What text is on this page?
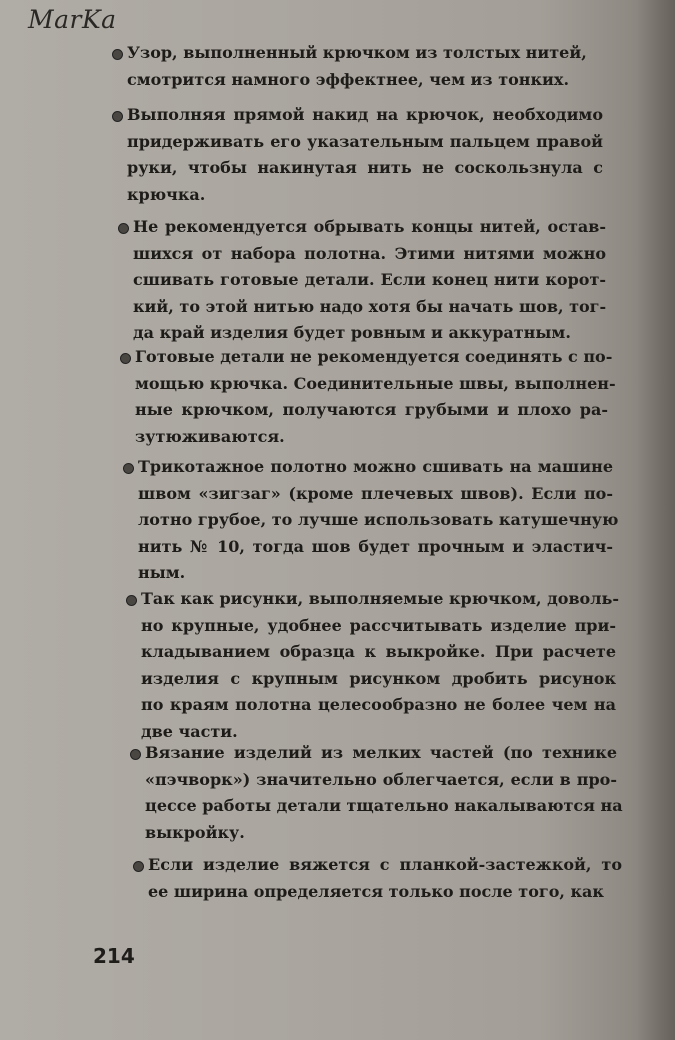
MarKa
Узор, выполненный крючком из толстых нитей,
смотрится намного эффектнее, чем из тонких.
Выполняя прямой накид на крючок, необходимо
придерживать его указательным пальцем правой
руки, чтобы накинутая нить не соскользнула с
крючка.
Не рекомендуется обрывать концы нитей, остав-
шихся от набора полотна. Этими нитями можно
сшивать готовые детали. Если конец нити корот-
кий, то этой нитью надо хотя бы начать шов, тог-
да край изделия будет ровным и аккуратным.
Готовые детали не рекомендуется соединять с по-
мощью крючка. Соединительные швы, выполнен-
ные крючком, получаются грубыми и плохо ра-
зутюживаются.
Трикотажное полотно можно сшивать на машине
швом «зигзаг» (кроме плечевых швов). Если по-
лотно грубое, то лучше использовать катушечную
нить № 10, тогда шов будет прочным и эластич-
ным.
Так как рисунки, выполняемые крючком, доволь-
но крупные, удобнее рассчитывать изделие при-
кладыванием образца к выкройке. При расчете
изделия с крупным рисунком дробить рисунок
по краям полотна целесообразно не более чем на
две части.
Вязание изделий из мелких частей (по технике
«пэчворк») значительно облегчается, если в про-
цессе работы детали тщательно накалываются на
выкройку.
Если изделие вяжется с планкой-застежкой, то
ее ширина определяется только после того, как
214
